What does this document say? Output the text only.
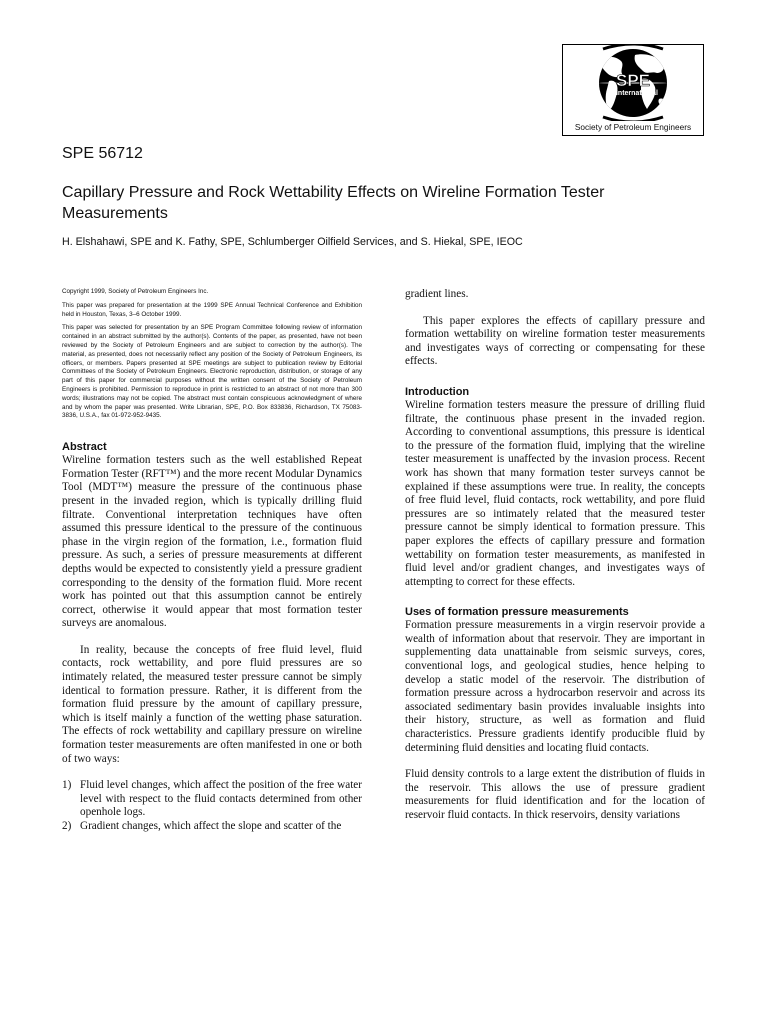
SPE
International
Society of Petroleum Engineers
SPE 56712
Capillary Pressure and Rock Wettability Effects on Wireline Formation Tester Measurements
H. Elshahawi, SPE and K. Fathy, SPE, Schlumberger Oilfield Services, and S. Hiekal, SPE, IEOC

Copyright 1999, Society of Petroleum Engineers Inc.

This paper was prepared for presentation at the 1999 SPE Annual Technical Conference and Exhibition held in Houston, Texas, 3–6 October 1999.

This paper was selected for presentation by an SPE Program Committee following review of information contained in an abstract submitted by the author(s). Contents of the paper, as presented, have not been reviewed by the Society of Petroleum Engineers and are subject to correction by the author(s). The material, as presented, does not necessarily reflect any position of the Society of Petroleum Engineers, its officers, or members. Papers presented at SPE meetings are subject to publication review by Editorial Committees of the Society of Petroleum Engineers. Electronic reproduction, distribution, or storage of any part of this paper for commercial purposes without the written consent of the Society of Petroleum Engineers is prohibited. Permission to reproduce in print is restricted to an abstract of not more than 300 words; illustrations may not be copied. The abstract must contain conspicuous acknowledgment of where and by whom the paper was presented. Write Librarian, SPE, P.O. Box 833836, Richardson, TX 75083-3836, U.S.A., fax 01-972-952-9435.

Abstract

Wireline formation testers such as the well established Repeat Formation Tester (RFT™) and the more recent Modular Dynamics Tool (MDT™) measure the pressure of the continuous phase present in the invaded region, which is typically drilling fluid filtrate. Conventional interpretation techniques have often assumed this pressure identical to the pressure of the continuous phase in the virgin region of the formation, i.e., formation fluid pressure. As such, a series of pressure measurements at different depths would be expected to consistently yield a pressure gradient corresponding to the density of the formation fluid. More recent work has pointed out that this assumption cannot be entirely correct, otherwise it would appear that most formation tester surveys are anomalous.

In reality, because the concepts of free fluid level, fluid contacts, rock wettability, and pore fluid pressures are so intimately related, the measured tester pressure cannot be simply identical to formation pressure. Rather, it is different from the formation fluid pressure by the amount of capillary pressure, which is itself mainly a function of the wetting phase saturation. The effects of rock wettability and capillary pressure on wireline formation tester measurements are often manifested in one or both of two ways:

1) Fluid level changes, which affect the position of the free water level with respect to the fluid contacts determined from other openhole logs.
2) Gradient changes, which affect the slope and scatter of the

gradient lines.

This paper explores the effects of capillary pressure and formation wettability on wireline formation tester measurements and investigates ways of correcting or compensating for these effects.

Introduction

Wireline formation testers measure the pressure of drilling fluid filtrate, the continuous phase present in the invaded region. According to conventional assumptions, this pressure is identical to the pressure of the formation fluid, implying that the wireline tester measurement is unaffected by the invasion process. Recent work has shown that many formation tester surveys cannot be explained if these assumptions were true. In reality, the concepts of free fluid level, fluid contacts, rock wettability, and pore fluid pressures are so intimately related that the measured tester pressure cannot be simply identical to formation pressure. This paper explores the effects of capillary pressure and formation wettability on formation tester measurements, as manifested in fluid level and/or gradient changes, and investigates ways of attempting to correct for these effects.

Uses of formation pressure measurements

Formation pressure measurements in a virgin reservoir provide a wealth of information about that reservoir. They are important in supplementing data unattainable from seismic surveys, cores, conventional logs, and geological studies, hence helping to develop a static model of the reservoir. The distribution of formation pressure across a hydrocarbon reservoir and across its associated sedimentary basin provides invaluable insights into their history, structure, as well as formation and fluid characteristics. Pressure gradients identify producible fluid by determining fluid densities and locating fluid contacts.

Fluid density controls to a large extent the distribution of fluids in the reservoir. This allows the use of pressure gradient measurements for fluid identification and for the location of reservoir fluid contacts. In thick reservoirs, density variations
